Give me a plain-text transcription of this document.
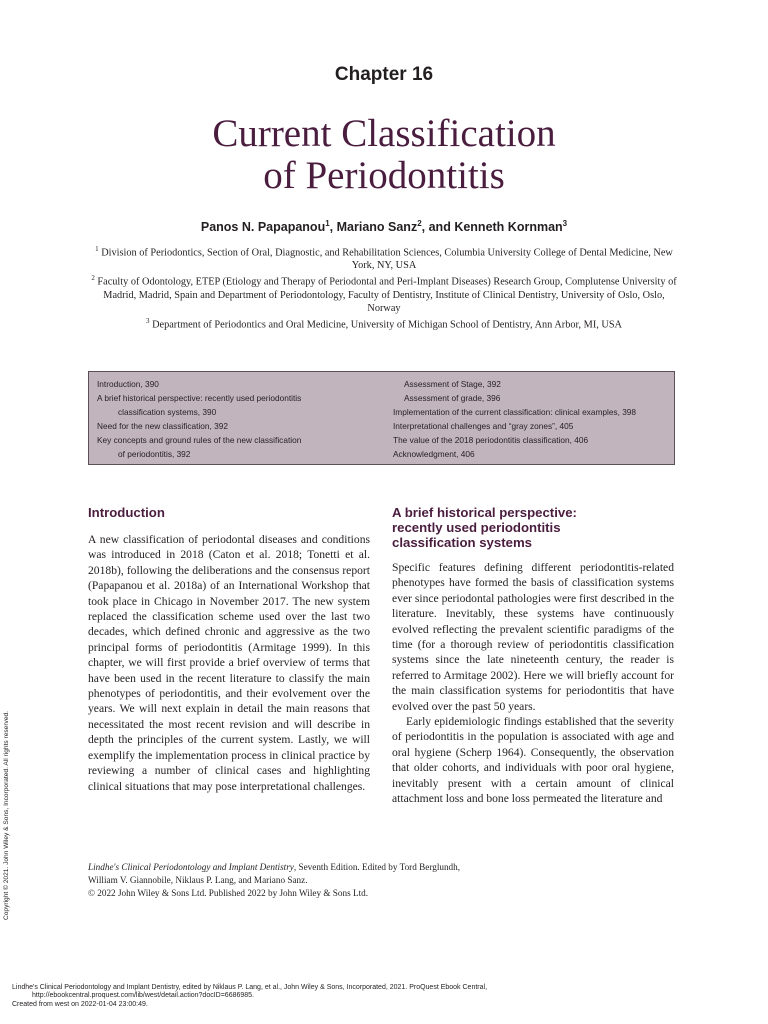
Chapter 16
Current Classification
of Periodontitis
Panos N. Papapanou$^1$, Mariano Sanz$^2$, and Kenneth Kornman$^3$

$^1$ Division of Periodontics, Section of Oral, Diagnostic, and Rehabilitation Sciences, Columbia University College of Dental Medicine, New York, NY, USA

$^2$ Faculty of Odontology, ETEP (Etiology and Therapy of Periodontal and Peri-Implant Diseases) Research Group, Complutense University of Madrid, Madrid, Spain and Department of Periodontology, Faculty of Dentistry, Institute of Clinical Dentistry, University of Oslo, Oslo, Norway

$^3$ Department of Periodontics and Oral Medicine, University of Michigan School of Dentistry, Ann Arbor, MI, USA

Introduction, 390
A brief historical perspective: recently used periodontitis
classification systems, 390
Need for the new classification, 392
Key concepts and ground rules of the new classification
of periodontitis, 392
Assessment of Stage, 392
Assessment of grade, 396
Implementation of the current classification: clinical examples, 398
Interpretational challenges and “gray zones”, 405
The value of the 2018 periodontitis classification, 406
Acknowledgment, 406
Introduction

A new classification of periodontal diseases and conditions was introduced in 2018 (Caton et al. 2018; Tonetti et al. 2018b), following the deliberations and the consensus report (Papapanou et al. 2018a) of an International Workshop that took place in Chicago in November 2017. The new system replaced the classification scheme used over the last two decades, which defined chronic and aggressive as the two principal forms of periodontitis (Armitage 1999). In this chapter, we will first provide a brief overview of terms that have been used in the recent literature to classify the main phenotypes of periodontitis, and their evolvement over the years. We will next explain in detail the main reasons that necessitated the most recent revision and will describe in depth the principles of the current system. Lastly, we will exemplify the implementation process in clinical practice by reviewing a number of clinical cases and highlighting clinical situations that may pose interpretational challenges.

A brief historical perspective:
recently used periodontitis
classification systems

Specific features defining different periodontitis-related phenotypes have formed the basis of classification systems ever since periodontal pathologies were first described in the literature. Inevitably, these systems have continuously evolved reflecting the prevalent scientific paradigms of the time (for a thorough review of periodontitis classification systems since the late nineteenth century, the reader is referred to Armitage 2002). Here we will briefly account for the main classification systems for periodontitis that have evolved over the past 50 years.

Early epidemiologic findings established that the severity of periodontitis in the population is associated with age and oral hygiene (Scherp 1964). Consequently, the observation that older cohorts, and individuals with poor oral hygiene, inevitably present with a certain amount of clinical attachment loss and bone loss permeated the literature and

Lindhe's Clinical Periodontology and Implant Dentistry, Seventh Edition. Edited by Tord Berglundh,
William V. Giannobile, Niklaus P. Lang, and Mariano Sanz.
© 2022 John Wiley & Sons Ltd. Published 2022 by John Wiley & Sons Ltd.
Copyright © 2021. John Wiley & Sons, Incorporated. All rights reserved.
Lindhe's Clinical Periodontology and Implant Dentistry, edited by Niklaus P. Lang, et al., John Wiley & Sons, Incorporated, 2021. ProQuest Ebook Central,
http://ebookcentral.proquest.com/lib/west/detail.action?docID=6686985.
Created from west on 2022-01-04 23:00:49.
